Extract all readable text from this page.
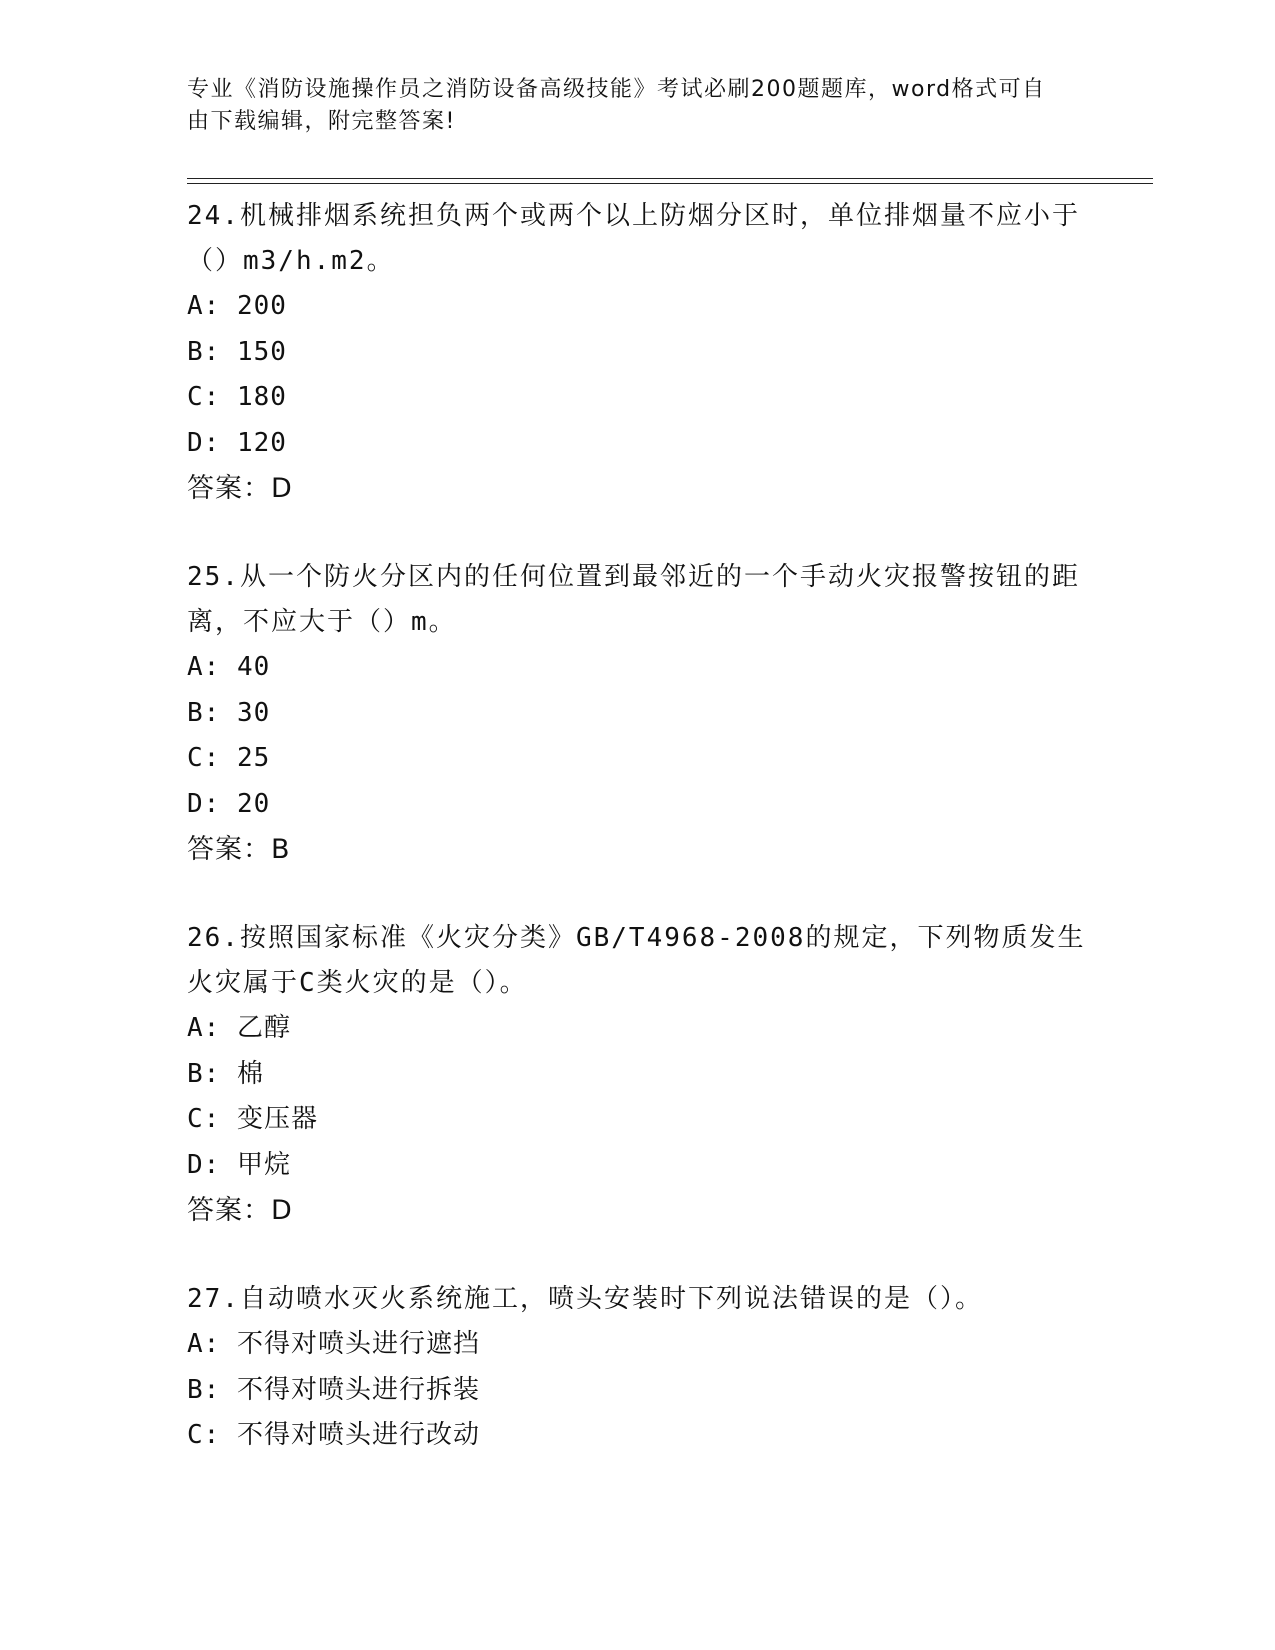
专业《消防设施操作员之消防设备高级技能》考试必刷200题题库，word格式可自由下载编辑，附完整答案!

24.机械排烟系统担负两个或两个以上防烟分区时，单位排烟量不应小于（）m3/h.m2。

A: 200
B: 150
C: 180
D: 120
答案：D

25.从一个防火分区内的任何位置到最邻近的一个手动火灾报警按钮的距离，不应大于（）m。

A: 40
B: 30
C: 25
D: 20
答案：B

26.按照国家标准《火灾分类》GB/T4968-2008的规定，下列物质发生火灾属于C类火灾的是（）。

A: 乙醇
B: 棉
C: 变压器
D: 甲烷
答案：D

27.自动喷水灭火系统施工，喷头安装时下列说法错误的是（）。

A: 不得对喷头进行遮挡
B: 不得对喷头进行拆装
C: 不得对喷头进行改动
